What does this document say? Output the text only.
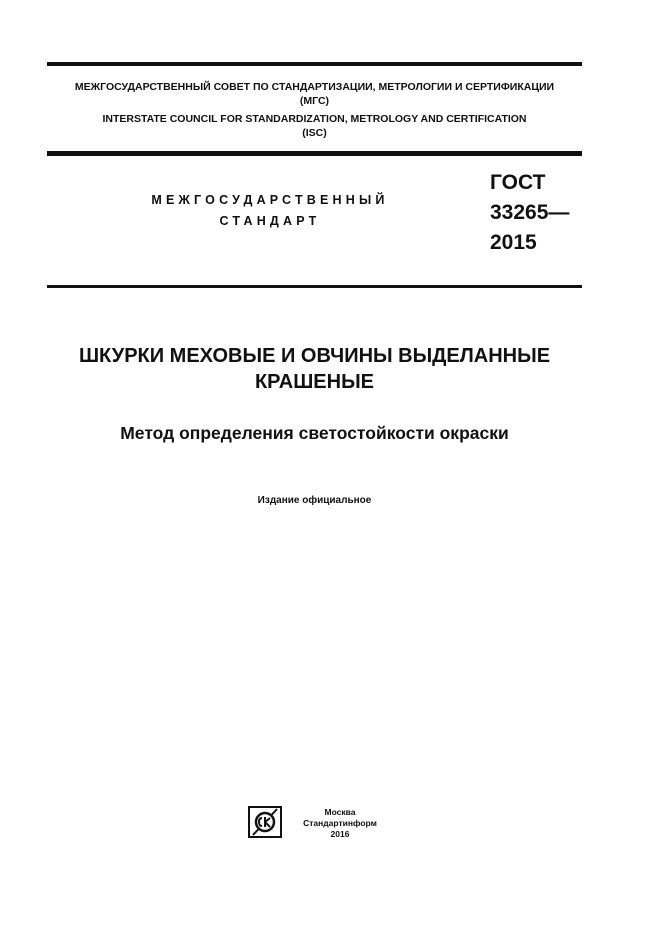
МЕЖГОСУДАРСТВЕННЫЙ СОВЕТ ПО СТАНДАРТИЗАЦИИ, МЕТРОЛОГИИ И СЕРТИФИКАЦИИ
(МГС)
INTERSTATE COUNCIL FOR STANDARDIZATION, METROLOGY AND CERTIFICATION
(ISC)
МЕЖГОСУДАРСТВЕННЫЙ
СТАНДАРТ
ГОСТ
33265—
2015
ШКУРКИ МЕХОВЫЕ И ОВЧИНЫ ВЫДЕЛАННЫЕ
КРАШЕНЫЕ
Метод определения светостойкости окраски
Издание официальное
Москва
Стандартинформ
2016
